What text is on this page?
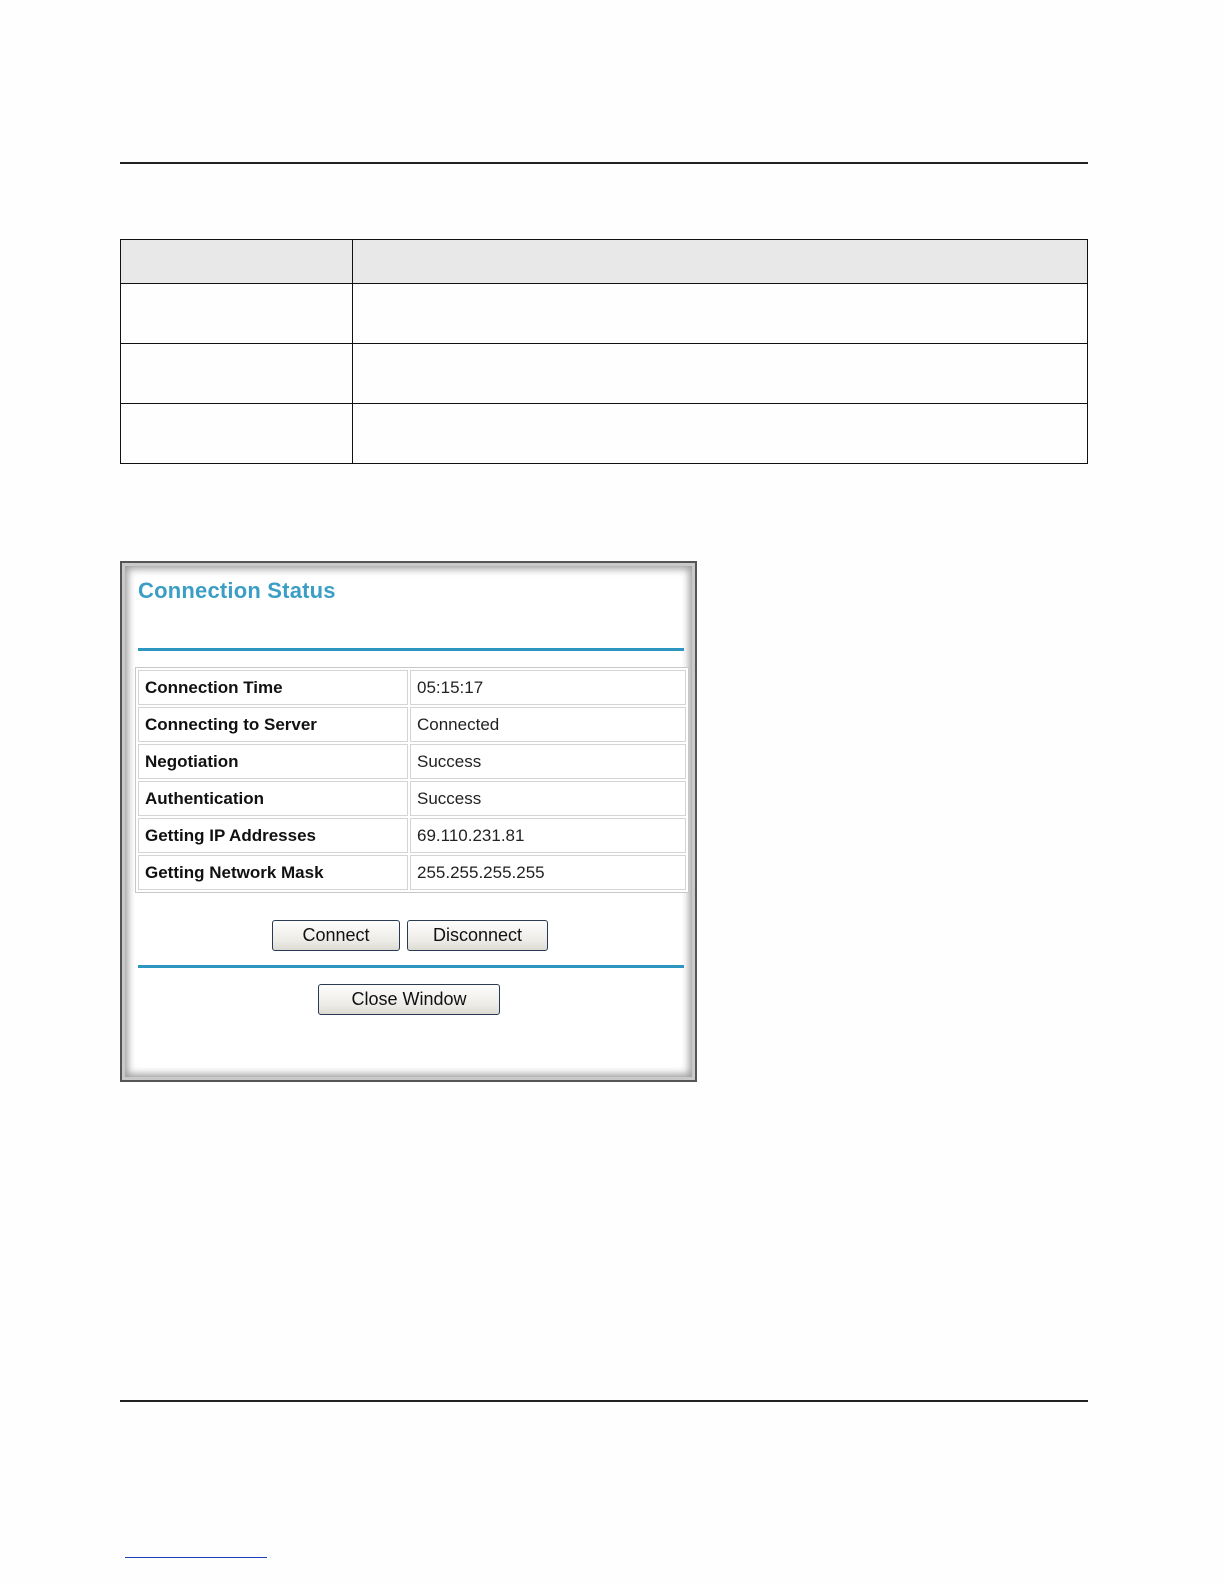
Connection Status
Connection Time	05:15:17
Connecting to Server	Connected
Negotiation	Success
Authentication	Success
Getting IP Addresses	69.110.231.81
Getting Network Mask	255.255.255.255
Connect	Disconnect
Close Window
